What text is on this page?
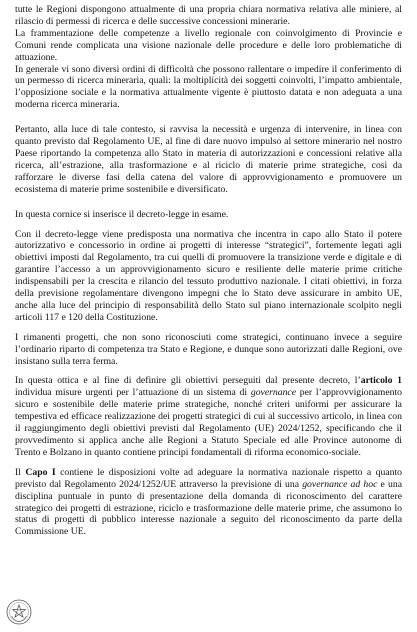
tutte le Regioni dispongono attualmente di una propria chiara normativa relativa alle miniere, al rilascio di permessi di ricerca e delle successive concessioni minerarie.

La frammentazione delle competenze a livello regionale con coinvolgimento di Provincie e Comuni rende complicata una visione nazionale delle procedure e delle loro problematiche di attuazione.

In generale vi sono diversi ordini di difficoltà che possono rallentare o impedire il conferimento di un permesso di ricerca mineraria, quali: la moltiplicità dei soggetti coinvolti, l’impatto ambientale, l’opposizione sociale e la normativa attualmente vigente è piuttosto datata e non adeguata a una moderna ricerca mineraria.

Pertanto, alla luce di tale contesto, si ravvisa la necessità e urgenza di intervenire, in linea con quanto previsto dal Regolamento UE, al fine di dare nuovo impulso al settore minerario nel nostro Paese riportando la competenza allo Stato in materia di autorizzazioni e concessioni relative alla ricerca, all’estrazione, alla trasformazione e al riciclo di materie prime strategiche, così da rafforzare le diverse fasi della catena del valore di approvvigionamento e promuovere un ecosistema di materie prime sostenibile e diversificato.

In questa cornice si inserisce il decreto-legge in esame.

Con il decreto-legge viene predisposta una normativa che incentra in capo allo Stato il potere autorizzativo e concessorio in ordine ai progetti di interesse “strategici”, fortemente legati agli obiettivi imposti dal Regolamento, tra cui quelli di promuovere la transizione verde e digitale e di garantire l’accesso a un approvvigionamento sicuro e resiliente delle materie prime critiche indispensabili per la crescita e rilancio del tessuto produttivo nazionale. I citati obiettivi, in forza della previsione regolamentare divengono impegni che lo Stato deve assicurare in ambito UE, anche alla luce del principio di responsabilità dello Stato sul piano internazionale scolpito negli articoli 117 e 120 della Costituzione.

I rimanenti progetti, che non sono riconosciuti come strategici, continuano invece a seguire l’ordinario riparto di competenza tra Stato e Regione, e dunque sono autorizzati dalle Regioni, ove insistano sulla terra ferma.

In questa ottica e al fine di definire gli obiettivi perseguiti dal presente decreto, l’articolo 1 individua misure urgenti per l’attuazione di un sistema di governance per l’approvvigionamento sicuro e sostenibile delle materie prime strategiche, nonché criteri uniformi per assicurare la tempestiva ed efficace realizzazione dei progetti strategici di cui al successivo articolo, in linea con il raggiungimento degli obiettivi previsti dal Regolamento (UE) 2024/1252, specificando che il provvedimento si applica anche alle Regioni a Statuto Speciale ed alle Province autonome di Trento e Bolzano in quanto contiene principi fondamentali di riforma economico-sociale.

Il Capo I contiene le disposizioni volte ad adeguare la normativa nazionale rispetto a quanto previsto dal Regolamento 2024/1252/UE attraverso la previsione di una governance ad hoc e una disciplina puntuale in punto di presentazione della domanda di riconoscimento del carattere strategico dei progetti di estrazione, riciclo e trasformazione delle materie prime, che assumono lo status di progetti di pubblico interesse nazionale a seguito del riconoscimento da parte della Commissione UE.
